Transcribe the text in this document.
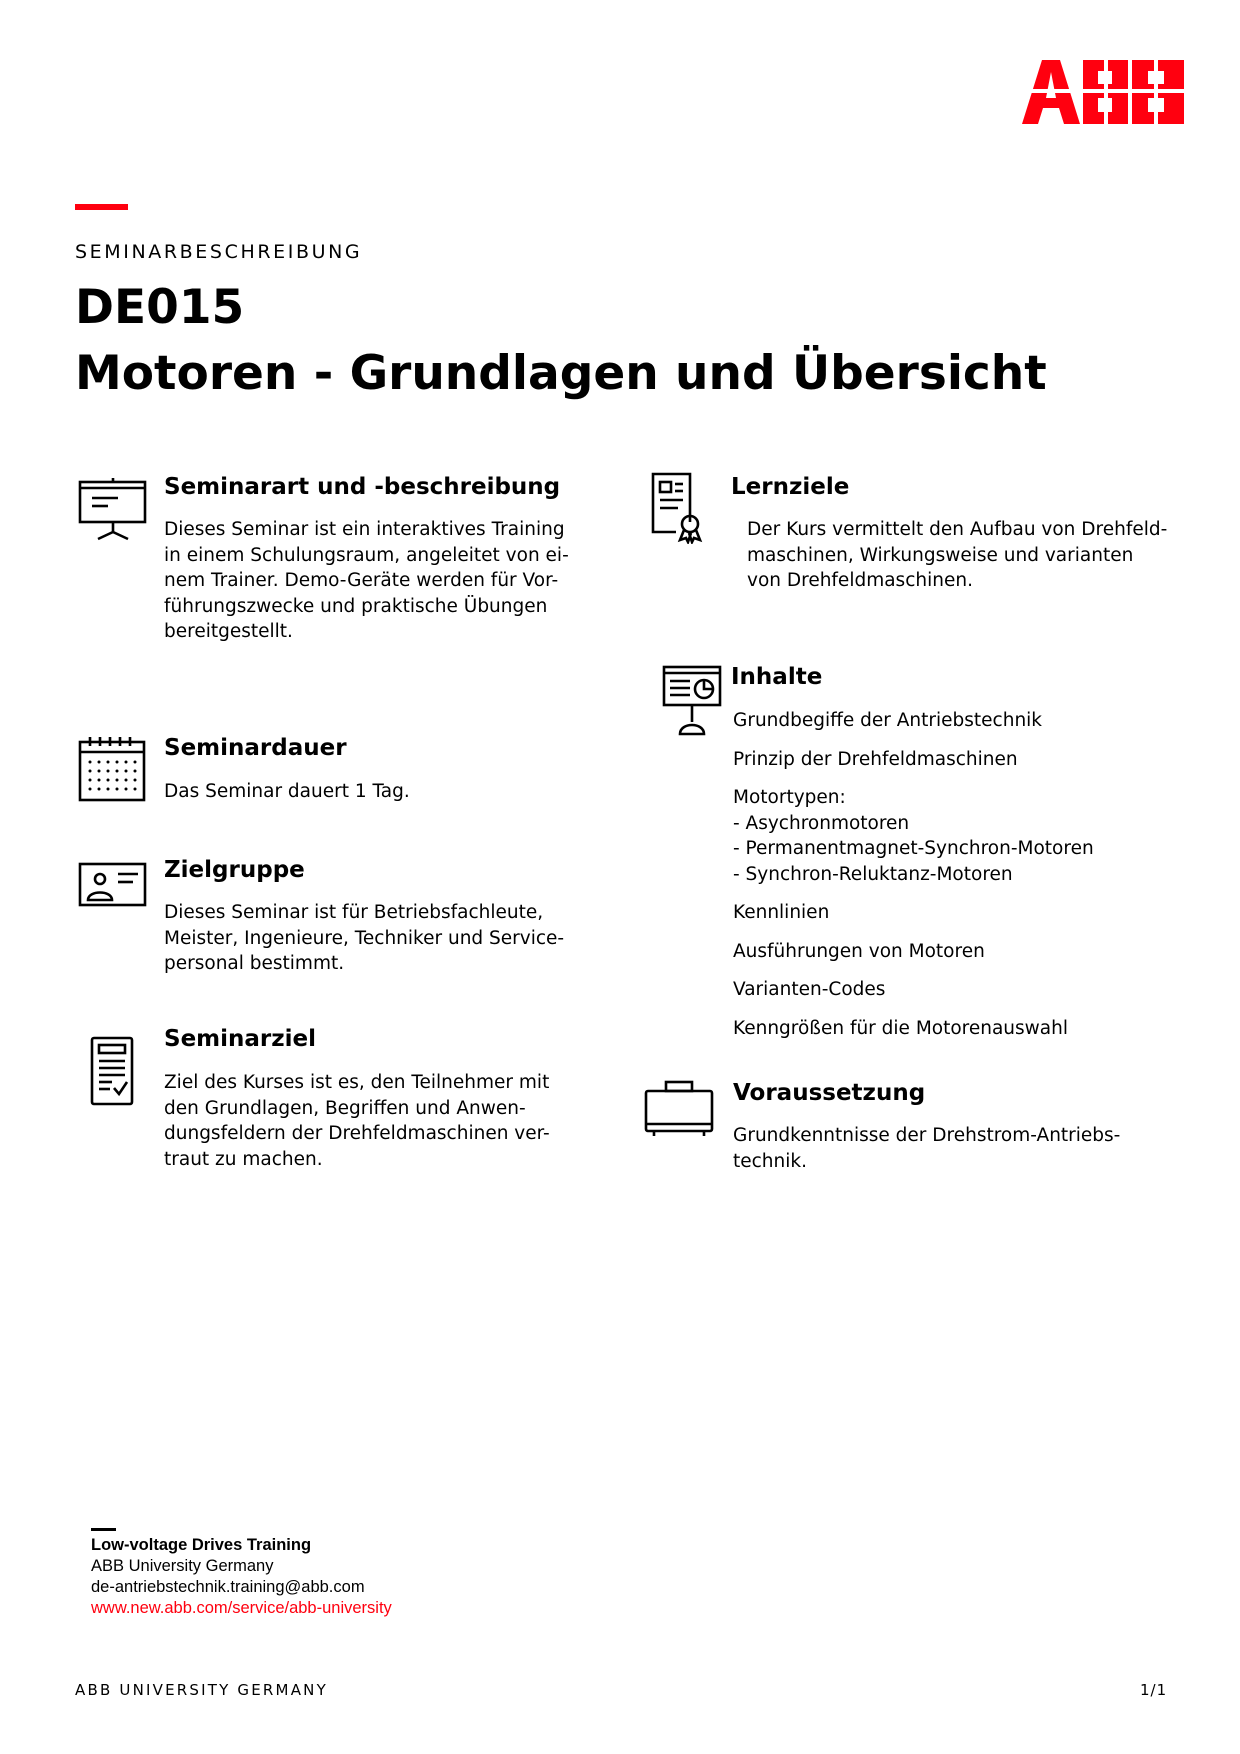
SEMINARBESCHREIBUNG
DE015
Motoren - Grundlagen und Übersicht
Seminarart und -beschreibung
Dieses Seminar ist ein interaktives Training
in einem Schulungsraum, angeleitet von ei-
nem Trainer. Demo-Geräte werden für Vor-
führungszwecke und praktische Übungen
bereitgestellt.
Seminardauer
Das Seminar dauert 1 Tag.
Zielgruppe
Dieses Seminar ist für Betriebsfachleute,
Meister, Ingenieure, Techniker und Service-
personal bestimmt.
Seminarziel
Ziel des Kurses ist es, den Teilnehmer mit
den Grundlagen, Begriffen und Anwen-
dungsfeldern der Drehfeldmaschinen ver-
traut zu machen.
Lernziele
Der Kurs vermittelt den Aufbau von Drehfeld-
maschinen, Wirkungsweise und varianten
von Drehfeldmaschinen.
Inhalte
Grundbegiffe der Antriebstechnik
Prinzip der Drehfeldmaschinen
Motortypen:
- Asychronmotoren
- Permanentmagnet-Synchron-Motoren
- Synchron-Reluktanz-Motoren
Kennlinien
Ausführungen von Motoren
Varianten-Codes
Kenngrößen für die Motorenauswahl
Voraussetzung
Grundkenntnisse der Drehstrom-Antriebs-
technik.
Low-voltage Drives Training
ABB University Germany
de-antriebstechnik.training@abb.com
www.new.abb.com/service/abb-university
ABB UNIVERSITY GERMANY	1/1
